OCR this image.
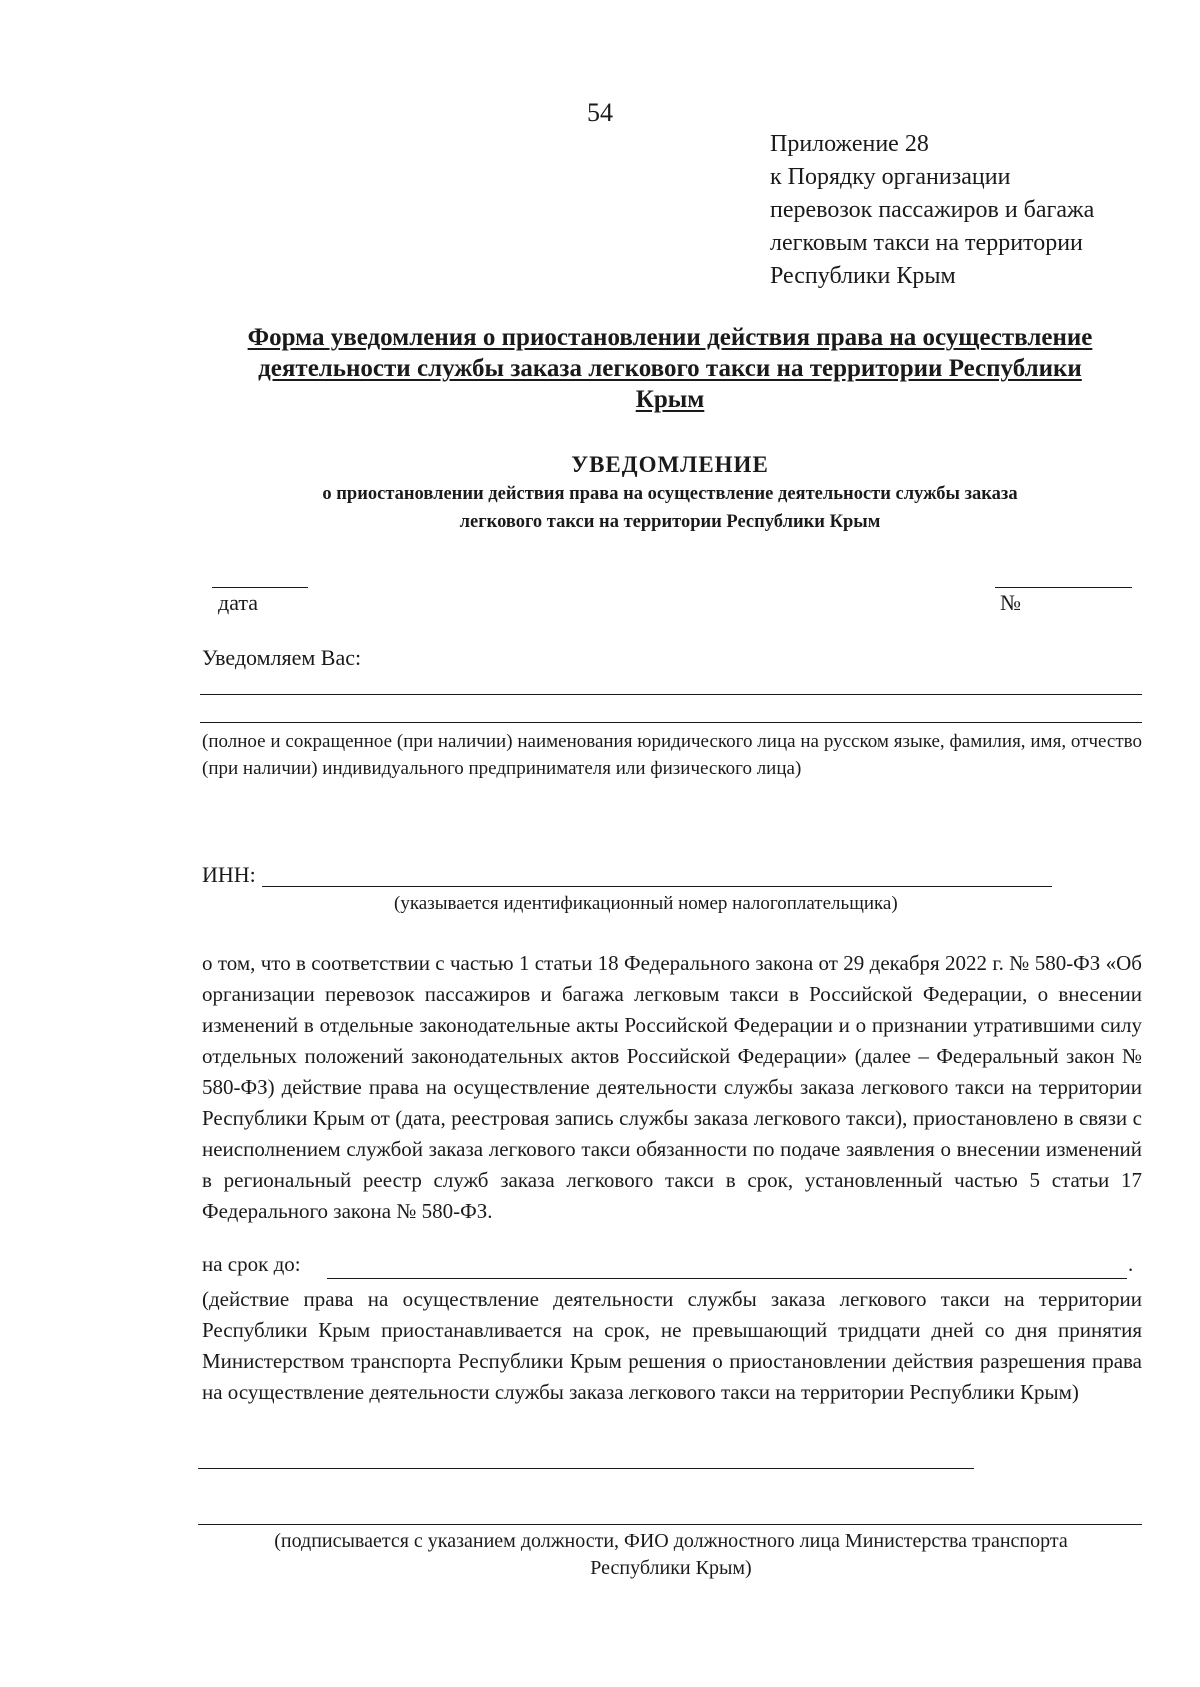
54
Приложение 28
к Порядку организации
перевозок пассажиров и багажа
легковым такси на территории
Республики Крым
Форма уведомления о приостановлении действия права на осуществление
деятельности службы заказа легкового такси на территории Республики
Крым
УВЕДОМЛЕНИЕ
о приостановлении действия права на осуществление деятельности службы заказа
легкового такси на территории Республики Крым
дата	№
Уведомляем Вас:
(полное и сокращенное (при наличии) наименования юридического лица на русском языке, фамилия, имя, отчество (при наличии) индивидуального предпринимателя или физического лица)
ИНН:
(указывается идентификационный номер налогоплательщика)
о том, что в соответствии с частью 1 статьи 18 Федерального закона от 29 декабря 2022 г. № 580-ФЗ «Об организации перевозок пассажиров и багажа легковым такси в Российской Федерации, о внесении изменений в отдельные законодательные акты Российской Федерации и о признании утратившими силу отдельных положений законодательных актов Российской Федерации» (далее – Федеральный закон № 580-ФЗ) действие права на осуществление деятельности службы заказа легкового такси на территории Республики Крым от (дата, реестровая запись службы заказа легкового такси), приостановлено в связи с неисполнением службой заказа легкового такси обязанности по подаче заявления о внесении изменений в региональный реестр служб заказа легкового такси в срок, установленный частью 5 статьи 17 Федерального закона № 580-ФЗ.
на срок до:	.
(действие права на осуществление деятельности службы заказа легкового такси на территории Республики Крым приостанавливается на срок, не превышающий тридцати дней со дня принятия Министерством транспорта Республики Крым решения о приостановлении действия разрешения права на осуществление деятельности службы заказа легкового такси на территории Республики Крым)
(подписывается с указанием должности, ФИО должностного лица Министерства транспорта
Республики Крым)
